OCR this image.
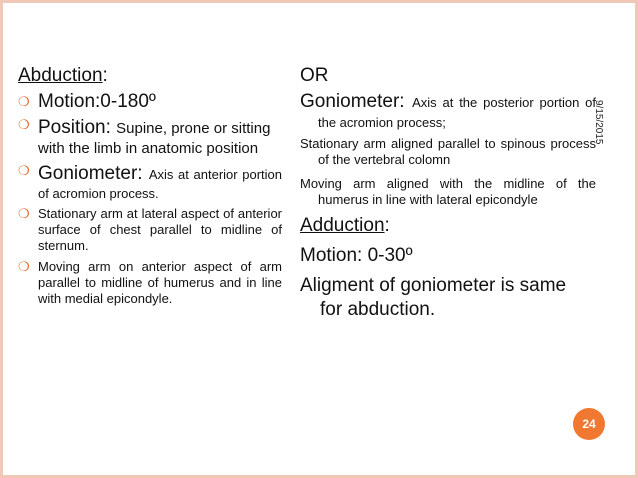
9/15/2015
Abduction:
❍ Motion:0-180º
❍ Position: Supine, prone or sitting with the limb in anatomic position
❍ Goniometer: Axis at anterior portion of acromion process.
❍ Stationary arm at lateral aspect of anterior surface of chest parallel to midline of sternum.
❍ Moving arm on anterior aspect of arm parallel to midline of humerus and in line with medial epicondyle.
OR
Goniometer: Axis at the posterior portion of the acromion process;
Stationary arm aligned parallel to spinous process of the vertebral colomn
Moving arm aligned with the midline of the humerus in line with lateral epicondyle
Adduction:
Motion: 0-30º
Aligment of goniometer is same for abduction.
24
